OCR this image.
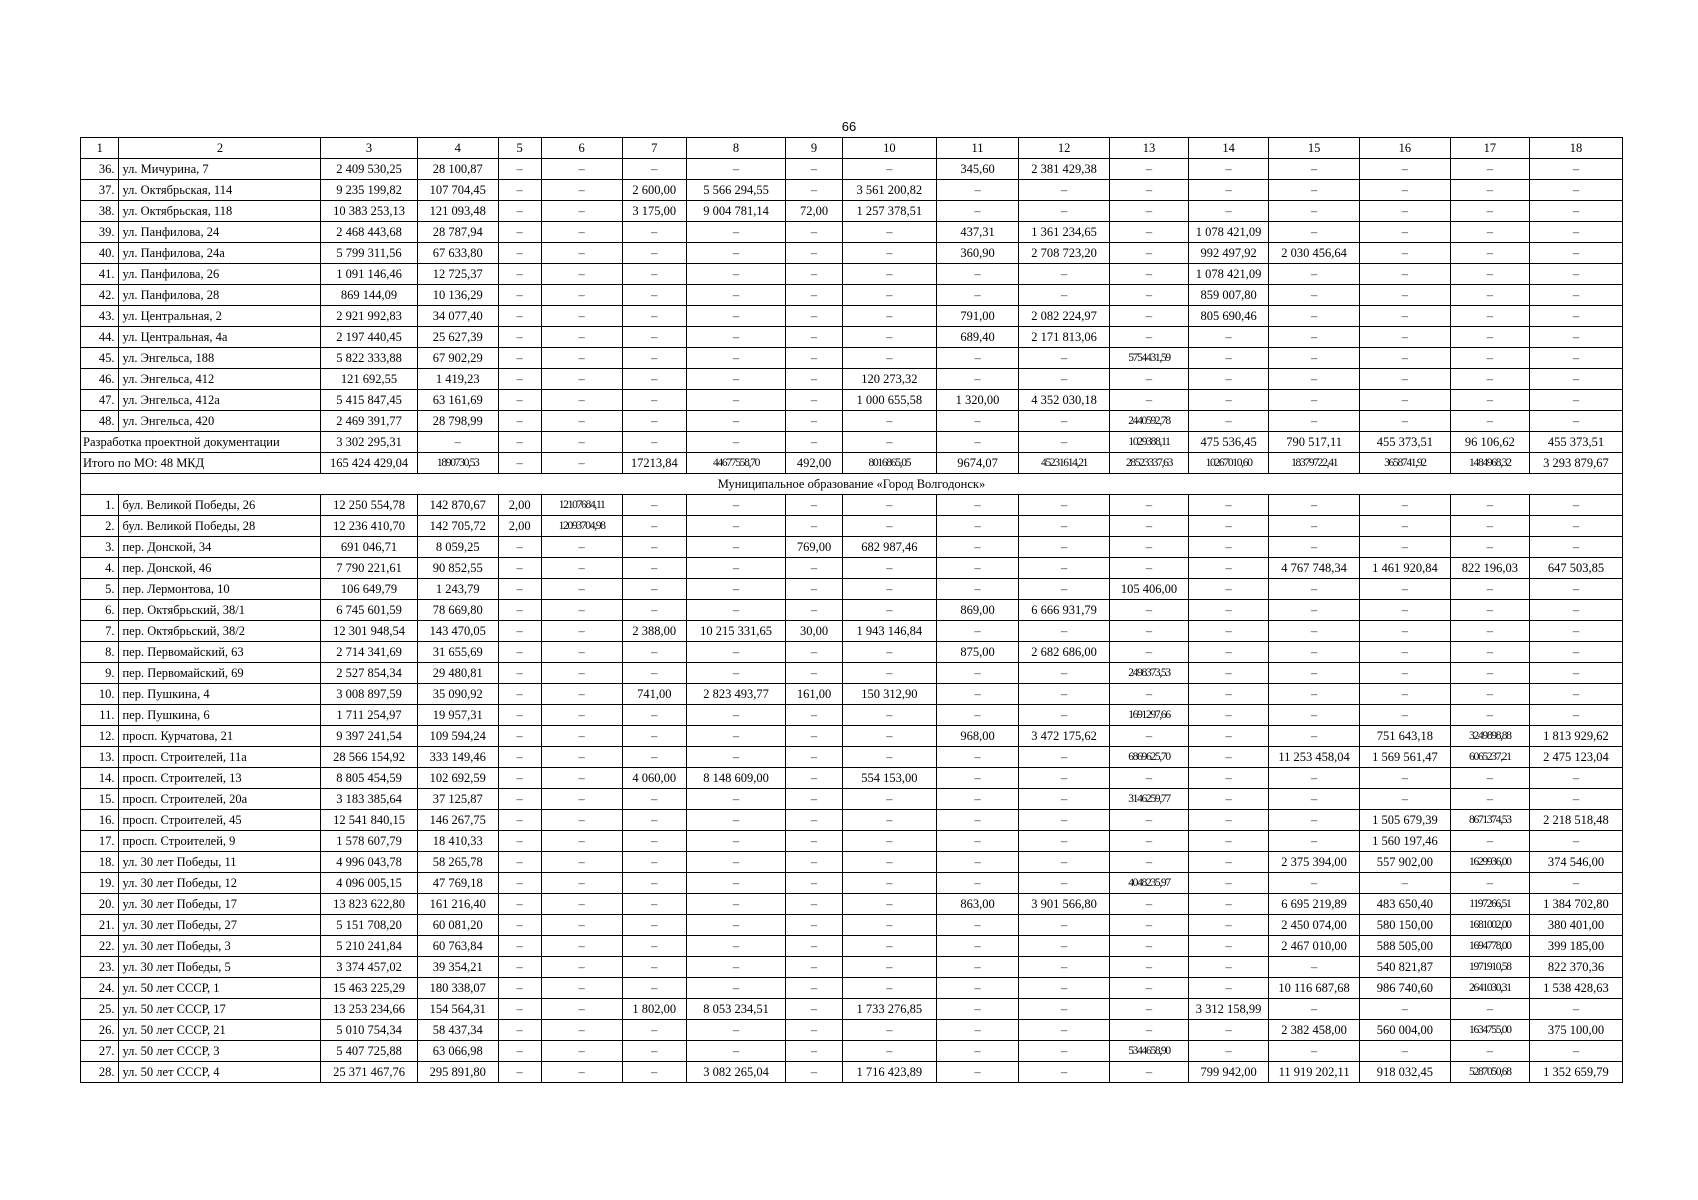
66
1	2	3	4	5	6	7	8	9	10	11	12	13	14	15	16	17	18
36.	ул. Мичурина, 7	2 409 530,25	28 100,87	–	–	–	–	–	–	345,60	2 381 429,38	–	–	–	–	–	–
37.	ул. Октябрьская, 114	9 235 199,82	107 704,45	–	–	2 600,00	5 566 294,55	–	3 561 200,82	–	–	–	–	–	–	–	–
38.	ул. Октябрьская, 118	10 383 253,13	121 093,48	–	–	3 175,00	9 004 781,14	72,00	1 257 378,51	–	–	–	–	–	–	–	–
39.	ул. Панфилова, 24	2 468 443,68	28 787,94	–	–	–	–	–	–	437,31	1 361 234,65	–	1 078 421,09	–	–	–	–
40.	ул. Панфилова, 24а	5 799 311,56	67 633,80	–	–	–	–	–	–	360,90	2 708 723,20	–	992 497,92	2 030 456,64	–	–	–
41.	ул. Панфилова, 26	1 091 146,46	12 725,37	–	–	–	–	–	–	–	–	–	1 078 421,09	–	–	–	–
42.	ул. Панфилова, 28	869 144,09	10 136,29	–	–	–	–	–	–	–	–	–	859 007,80	–	–	–	–
43.	ул. Центральная, 2	2 921 992,83	34 077,40	–	–	–	–	–	–	791,00	2 082 224,97	–	805 690,46	–	–	–	–
44.	ул. Центральная, 4а	2 197 440,45	25 627,39	–	–	–	–	–	–	689,40	2 171 813,06	–	–	–	–	–	–
45.	ул. Энгельса, 188	5 822 333,88	67 902,29	–	–	–	–	–	–	–	–	5754431,59	–	–	–	–	–
46.	ул. Энгельса, 412	121 692,55	1 419,23	–	–	–	–	–	120 273,32	–	–	–	–	–	–	–	–
47.	ул. Энгельса, 412а	5 415 847,45	63 161,69	–	–	–	–	–	1 000 655,58	1 320,00	4 352 030,18	–	–	–	–	–	–
48.	ул. Энгельса, 420	2 469 391,77	28 798,99	–	–	–	–	–	–	–	–	2440592,78	–	–	–	–	–
Разработка проектной документации		3 302 295,31	–	–	–	–	–	–	–	–	–	1029388,11	475 536,45	790 517,11	455 373,51	96 106,62	455 373,51
Итого по МО: 48 МКД		165 424 429,04	1890730,53	–	–	17213,84	44677558,70	492,00	8016865,05	9674,07	45231614,21	28523337,63	10267010,60	18379722,41	3658741,92	1484968,32	3 293 879,67
Муниципальное образование «Город Волгодонск»																	
1.	бул. Великой Победы, 26	12 250 554,78	142 870,67	2,00	12107684,11	–	–	–	–	–	–	–	–	–	–	–	–
2.	бул. Великой Победы, 28	12 236 410,70	142 705,72	2,00	12093704,98	–	–	–	–	–	–	–	–	–	–	–	–
3.	пер. Донской, 34	691 046,71	8 059,25	–	–	–	–	769,00	682 987,46	–	–	–	–	–	–	–	–
4.	пер. Донской, 46	7 790 221,61	90 852,55	–	–	–	–	–	–	–	–	–	–	4 767 748,34	1 461 920,84	822 196,03	647 503,85
5.	пер. Лермонтова, 10	106 649,79	1 243,79	–	–	–	–	–	–	–	–	105 406,00	–	–	–	–	–
6.	пер. Октябрьский, 38/1	6 745 601,59	78 669,80	–	–	–	–	–	–	869,00	6 666 931,79	–	–	–	–	–	–
7.	пер. Октябрьский, 38/2	12 301 948,54	143 470,05	–	–	2 388,00	10 215 331,65	30,00	1 943 146,84	–	–	–	–	–	–	–	–
8.	пер. Первомайский, 63	2 714 341,69	31 655,69	–	–	–	–	–	–	875,00	2 682 686,00	–	–	–	–	–	–
9.	пер. Первомайский, 69	2 527 854,34	29 480,81	–	–	–	–	–	–	–	–	2498373,53	–	–	–	–	–
10.	пер. Пушкина, 4	3 008 897,59	35 090,92	–	–	741,00	2 823 493,77	161,00	150 312,90	–	–	–	–	–	–	–	–
11.	пер. Пушкина, 6	1 711 254,97	19 957,31	–	–	–	–	–	–	–	–	1691297,66	–	–	–	–	–
12.	просп. Курчатова, 21	9 397 241,54	109 594,24	–	–	–	–	–	–	968,00	3 472 175,62	–	–	–	751 643,18	3249898,88	1 813 929,62
13.	просп. Строителей, 11а	28 566 154,92	333 149,46	–	–	–	–	–	–	–	–	6869625,70	–	11 253 458,04	1 569 561,47	6065237,21	2 475 123,04
14.	просп. Строителей, 13	8 805 454,59	102 692,59	–	–	4 060,00	8 148 609,00	–	554 153,00	–	–	–	–	–	–	–	–
15.	просп. Строителей, 20а	3 183 385,64	37 125,87	–	–	–	–	–	–	–	–	3146259,77	–	–	–	–	–
16.	просп. Строителей, 45	12 541 840,15	146 267,75	–	–	–	–	–	–	–	–	–	–	–	1 505 679,39	8671374,53	2 218 518,48
17.	просп. Строителей, 9	1 578 607,79	18 410,33	–	–	–	–	–	–	–	–	–	–	–	1 560 197,46	–	–
18.	ул. 30 лет Победы, 11	4 996 043,78	58 265,78	–	–	–	–	–	–	–	–	–	–	2 375 394,00	557 902,00	1629936,00	374 546,00
19.	ул. 30 лет Победы, 12	4 096 005,15	47 769,18	–	–	–	–	–	–	–	–	4048235,97	–	–	–	–	–
20.	ул. 30 лет Победы, 17	13 823 622,80	161 216,40	–	–	–	–	–	–	863,00	3 901 566,80	–	–	6 695 219,89	483 650,40	1197266,51	1 384 702,80
21.	ул. 30 лет Победы, 27	5 151 708,20	60 081,20	–	–	–	–	–	–	–	–	–	–	2 450 074,00	580 150,00	1681002,00	380 401,00
22.	ул. 30 лет Победы, 3	5 210 241,84	60 763,84	–	–	–	–	–	–	–	–	–	–	2 467 010,00	588 505,00	1694778,00	399 185,00
23.	ул. 30 лет Победы, 5	3 374 457,02	39 354,21	–	–	–	–	–	–	–	–	–	–	–	540 821,87	1971910,58	822 370,36
24.	ул. 50 лет СССР, 1	15 463 225,29	180 338,07	–	–	–	–	–	–	–	–	–	–	10 116 687,68	986 740,60	2641030,31	1 538 428,63
25.	ул. 50 лет СССР, 17	13 253 234,66	154 564,31	–	–	1 802,00	8 053 234,51	–	1 733 276,85	–	–	–	3 312 158,99	–	–	–	–
26.	ул. 50 лет СССР, 21	5 010 754,34	58 437,34	–	–	–	–	–	–	–	–	–	–	2 382 458,00	560 004,00	1634755,00	375 100,00
27.	ул. 50 лет СССР, 3	5 407 725,88	63 066,98	–	–	–	–	–	–	–	–	5344658,90	–	–	–	–	–
28.	ул. 50 лет СССР, 4	25 371 467,76	295 891,80	–	–	–	3 082 265,04	–	1 716 423,89	–	–	–	799 942,00	11 919 202,11	918 032,45	5287050,68	1 352 659,79
